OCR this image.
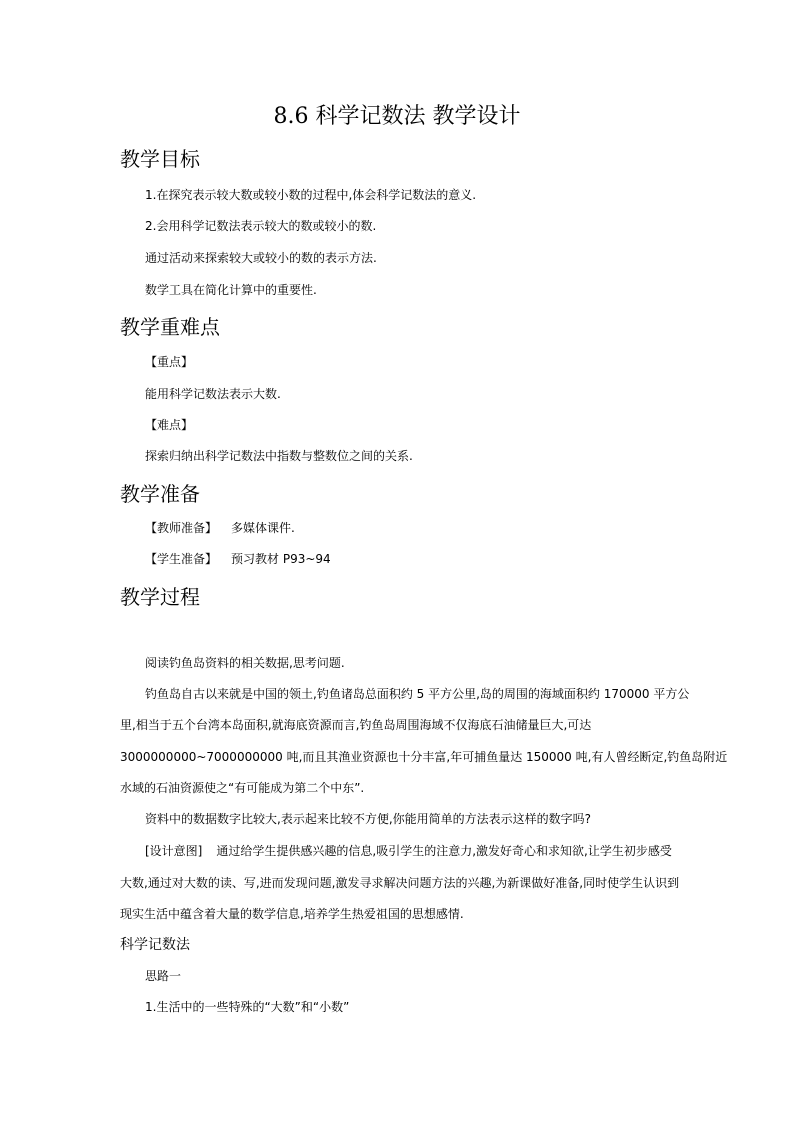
8.6 科学记数法 教学设计
教学目标

1.在探究表示较大数或较小数的过程中,体会科学记数法的意义.

2.会用科学记数法表示较大的数或较小的数.

通过活动来探索较大或较小的数的表示方法.

数学工具在简化计算中的重要性.

教学重难点

【重点】

能用科学记数法表示大数.

【难点】

探索归纳出科学记数法中指数与整数位之间的关系.

教学准备

【教师准备】 多媒体课件.

【学生准备】 预习教材 P93~94

教学过程

阅读钓鱼岛资料的相关数据,思考问题.

钓鱼岛自古以来就是中国的领土,钓鱼诸岛总面积约 5 平方公里,岛的周围的海域面积约 170000 平方公

里,相当于五个台湾本岛面积,就海底资源而言,钓鱼岛周围海域不仅海底石油储量巨大,可达

3000000000~7000000000 吨,而且其渔业资源也十分丰富,年可捕鱼量达 150000 吨,有人曾经断定,钓鱼岛附近

水域的石油资源使之“有可能成为第二个中东”.

资料中的数据数字比较大,表示起来比较不方便,你能用简单的方法表示这样的数字吗?

[设计意图] 通过给学生提供感兴趣的信息,吸引学生的注意力,激发好奇心和求知欲,让学生初步感受

大数,通过对大数的读、写,进而发现问题,激发寻求解决问题方法的兴趣,为新课做好准备,同时使学生认识到

现实生活中蕴含着大量的数学信息,培养学生热爱祖国的思想感情.

科学记数法

思路一

1.生活中的一些特殊的“大数”和“小数”
